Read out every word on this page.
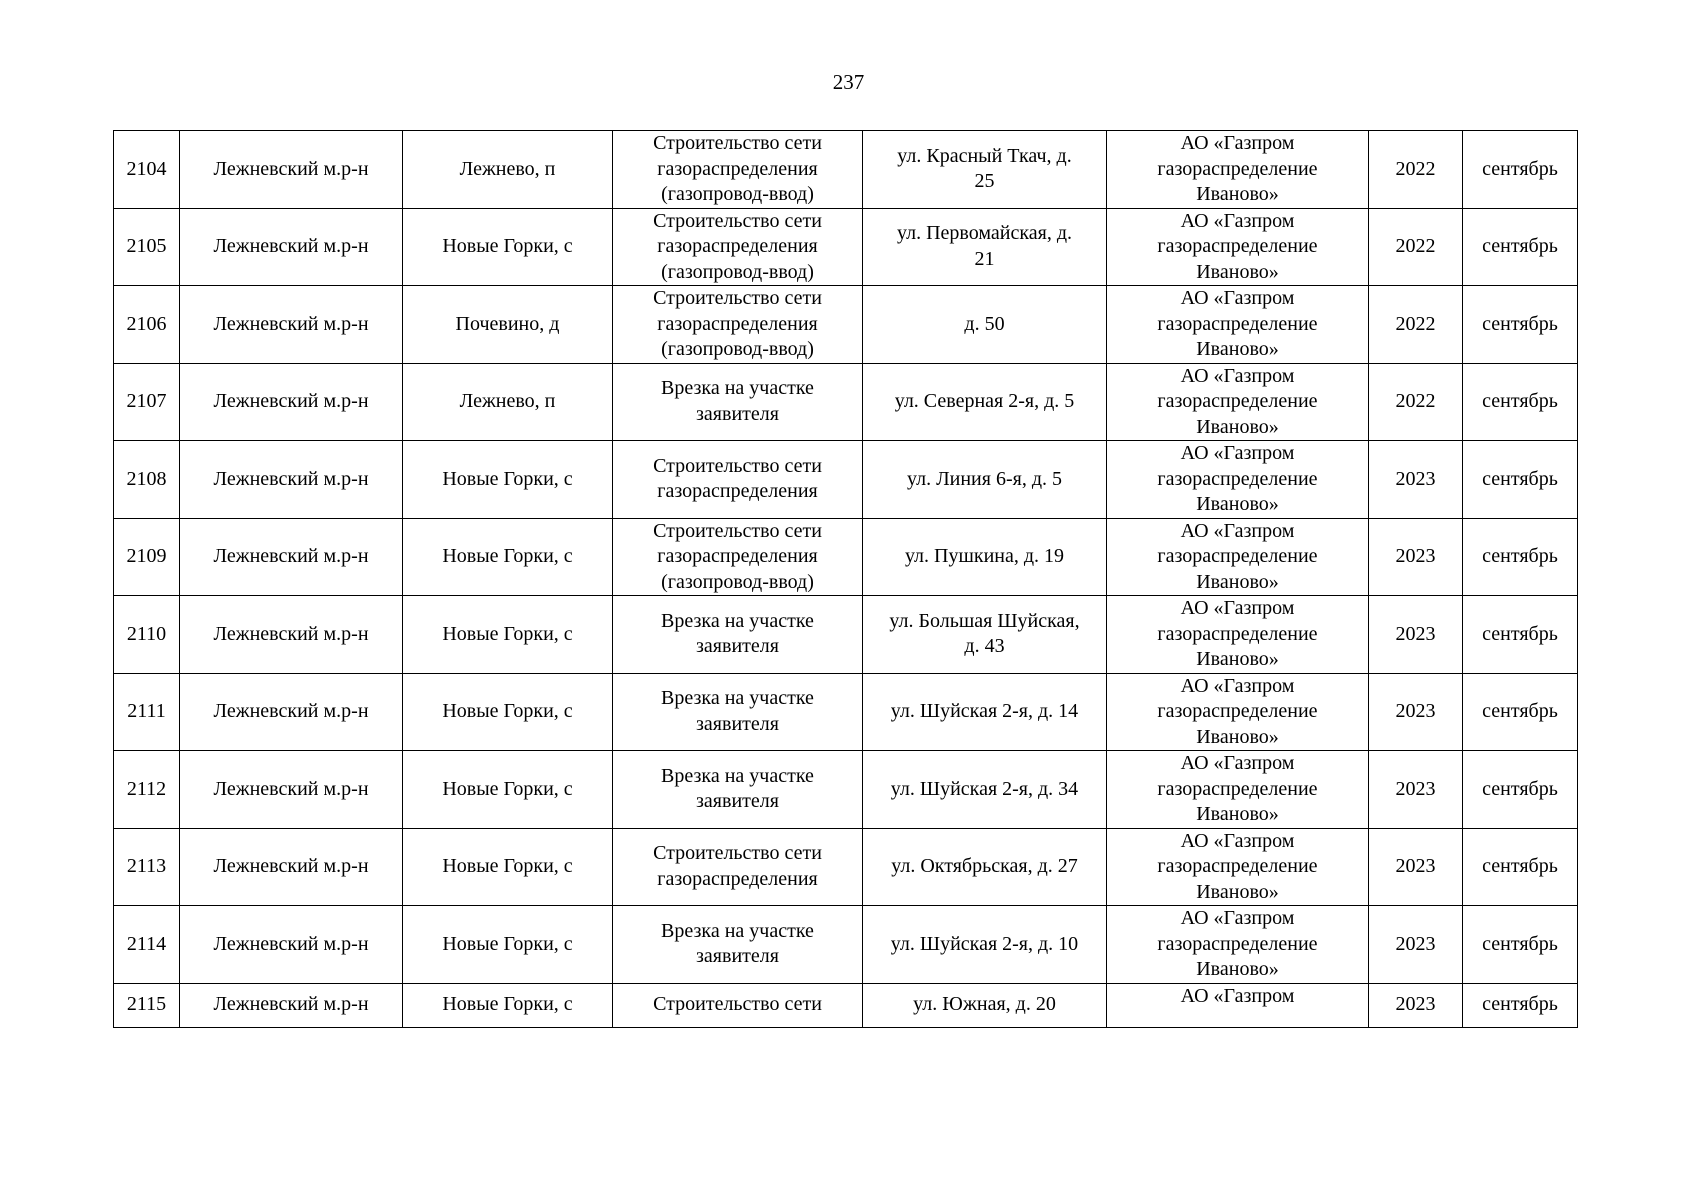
237
2104	Лежневский м.р-н	Лежнево, п	Строительство сети
газораспределения
(газопровод-ввод)	ул. Красный Ткач, д.
25	АО «Газпром
газораспределение
Иваново»	2022	сентябрь
2105	Лежневский м.р-н	Новые Горки, с	Строительство сети
газораспределения
(газопровод-ввод)	ул. Первомайская, д.
21	АО «Газпром
газораспределение
Иваново»	2022	сентябрь
2106	Лежневский м.р-н	Почевино, д	Строительство сети
газораспределения
(газопровод-ввод)	д. 50	АО «Газпром
газораспределение
Иваново»	2022	сентябрь
2107	Лежневский м.р-н	Лежнево, п	Врезка на участке
заявителя	ул. Северная 2-я, д. 5	АО «Газпром
газораспределение
Иваново»	2022	сентябрь
2108	Лежневский м.р-н	Новые Горки, с	Строительство сети
газораспределения	ул. Линия 6-я, д. 5	АО «Газпром
газораспределение
Иваново»	2023	сентябрь
2109	Лежневский м.р-н	Новые Горки, с	Строительство сети
газораспределения
(газопровод-ввод)	ул. Пушкина, д. 19	АО «Газпром
газораспределение
Иваново»	2023	сентябрь
2110	Лежневский м.р-н	Новые Горки, с	Врезка на участке
заявителя	ул. Большая Шуйская,
д. 43	АО «Газпром
газораспределение
Иваново»	2023	сентябрь
2111	Лежневский м.р-н	Новые Горки, с	Врезка на участке
заявителя	ул. Шуйская 2-я, д. 14	АО «Газпром
газораспределение
Иваново»	2023	сентябрь
2112	Лежневский м.р-н	Новые Горки, с	Врезка на участке
заявителя	ул. Шуйская 2-я, д. 34	АО «Газпром
газораспределение
Иваново»	2023	сентябрь
2113	Лежневский м.р-н	Новые Горки, с	Строительство сети
газораспределения	ул. Октябрьская, д. 27	АО «Газпром
газораспределение
Иваново»	2023	сентябрь
2114	Лежневский м.р-н	Новые Горки, с	Врезка на участке
заявителя	ул. Шуйская 2-я, д. 10	АО «Газпром
газораспределение
Иваново»	2023	сентябрь
2115	Лежневский м.р-н	Новые Горки, с	Строительство сети	ул. Южная, д. 20	АО «Газпром	2023	сентябрь
